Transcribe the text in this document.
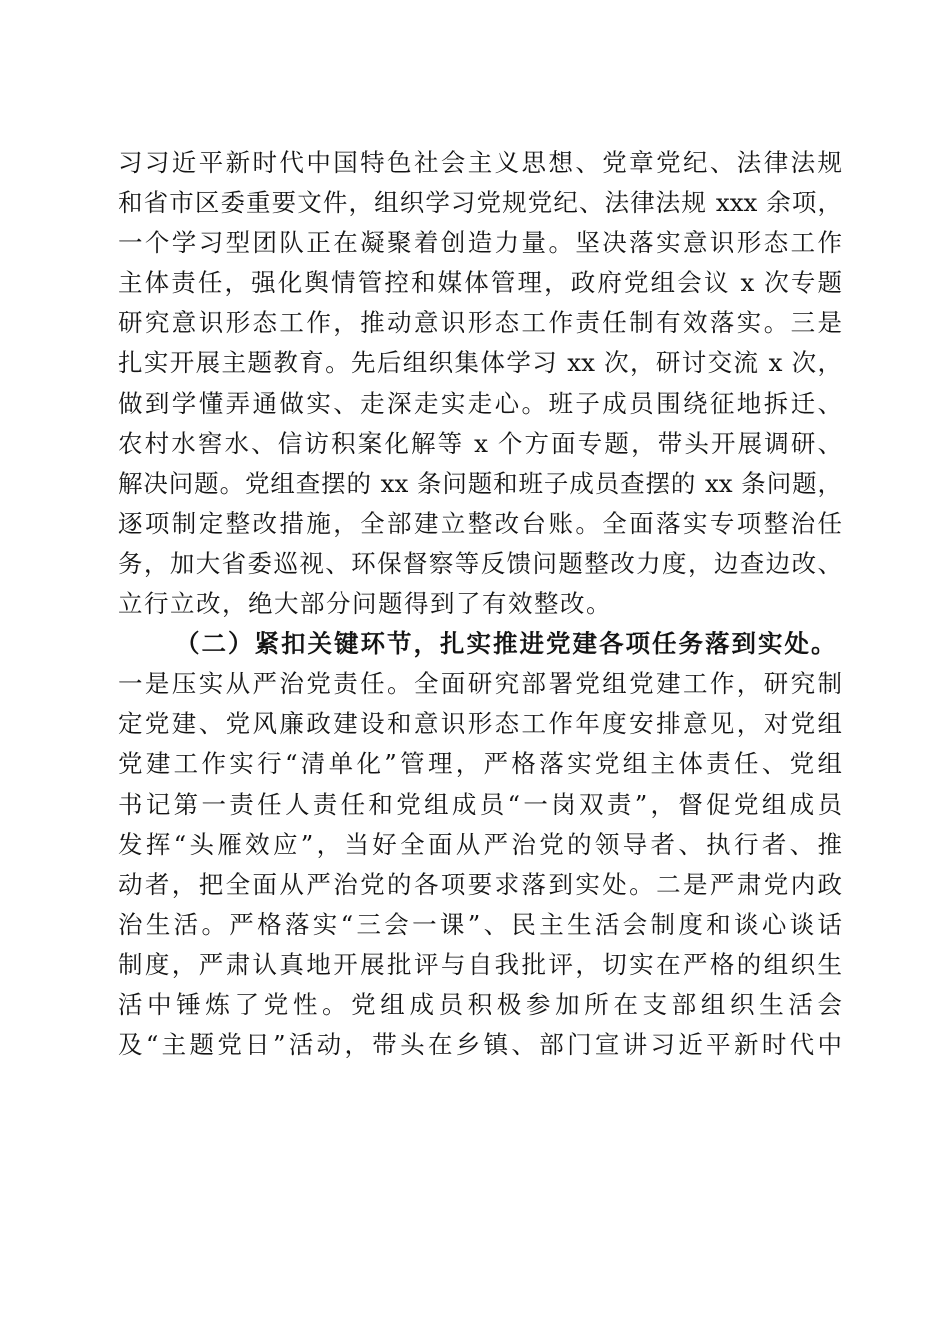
习习近平新时代中国特色社会主义思想、党章党纪、法律法规
和省市区委重要文件，组织学习党规党纪、法律法规 xxx 余项，
一个学习型团队正在凝聚着创造力量。坚决落实意识形态工作
主体责任，强化舆情管控和媒体管理，政府党组会议 x 次专题
研究意识形态工作，推动意识形态工作责任制有效落实。三是
扎实开展主题教育。先后组织集体学习 xx 次，研讨交流 x 次，
做到学懂弄通做实、走深走实走心。班子成员围绕征地拆迁、
农村水窖水、信访积案化解等 x 个方面专题，带头开展调研、
解决问题。党组查摆的 xx 条问题和班子成员查摆的 xx 条问题，
逐项制定整改措施，全部建立整改台账。全面落实专项整治任
务，加大省委巡视、环保督察等反馈问题整改力度，边查边改、
立行立改，绝大部分问题得到了有效整改。
（二）紧扣关键环节，扎实推进党建各项任务落到实处。
一是压实从严治党责任。全面研究部署党组党建工作，研究制
定党建、党风廉政建设和意识形态工作年度安排意见，对党组
党建工作实行“清单化”管理，严格落实党组主体责任、党组
书记第一责任人责任和党组成员“一岗双责”，督促党组成员
发挥“头雁效应”，当好全面从严治党的领导者、执行者、推
动者，把全面从严治党的各项要求落到实处。二是严肃党内政
治生活。严格落实“三会一课”、民主生活会制度和谈心谈话
制度，严肃认真地开展批评与自我批评，切实在严格的组织生
活中锤炼了党性。党组成员积极参加所在支部组织生活会
及“主题党日”活动，带头在乡镇、部门宣讲习近平新时代中
